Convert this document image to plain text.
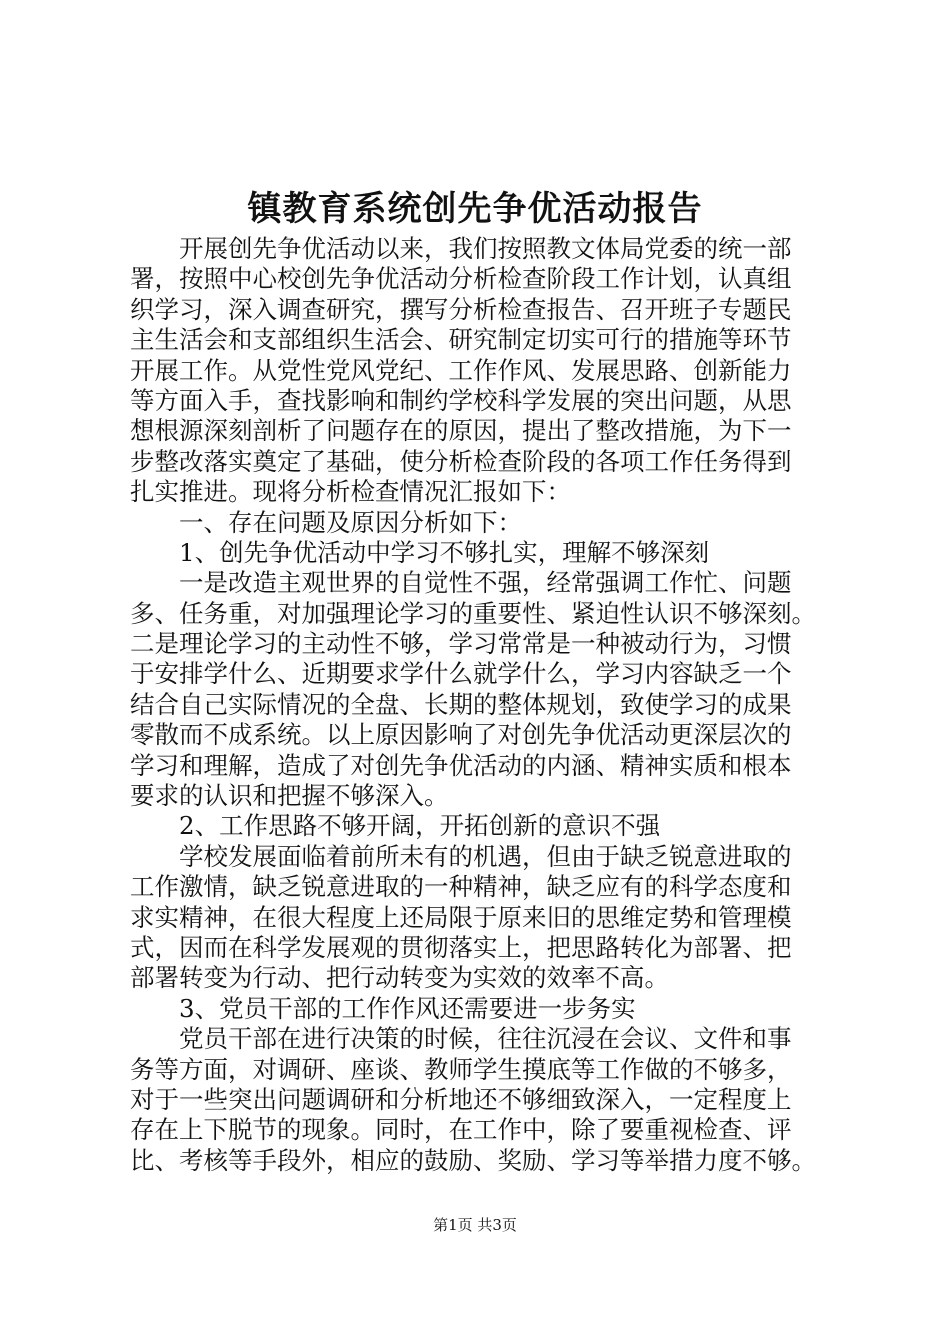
镇教育系统创先争优活动报告
　　开展创先争优活动以来，我们按照教文体局党委的统一部
署，按照中心校创先争优活动分析检查阶段工作计划，认真组
织学习，深入调查研究，撰写分析检查报告、召开班子专题民
主生活会和支部组织生活会、研究制定切实可行的措施等环节
开展工作。从党性党风党纪、工作作风、发展思路、创新能力
等方面入手，查找影响和制约学校科学发展的突出问题，从思
想根源深刻剖析了问题存在的原因，提出了整改措施，为下一
步整改落实奠定了基础，使分析检查阶段的各项工作任务得到
扎实推进。现将分析检查情况汇报如下：
　　一、存在问题及原因分析如下：
　　1、创先争优活动中学习不够扎实，理解不够深刻
　　一是改造主观世界的自觉性不强，经常强调工作忙、问题
多、任务重，对加强理论学习的重要性、紧迫性认识不够深刻。
二是理论学习的主动性不够，学习常常是一种被动行为，习惯
于安排学什么、近期要求学什么就学什么，学习内容缺乏一个
结合自己实际情况的全盘、长期的整体规划，致使学习的成果
零散而不成系统。以上原因影响了对创先争优活动更深层次的
学习和理解，造成了对创先争优活动的内涵、精神实质和根本
要求的认识和把握不够深入。
　　2、工作思路不够开阔，开拓创新的意识不强
　　学校发展面临着前所未有的机遇，但由于缺乏锐意进取的
工作激情，缺乏锐意进取的一种精神，缺乏应有的科学态度和
求实精神，在很大程度上还局限于原来旧的思维定势和管理模
式，因而在科学发展观的贯彻落实上，把思路转化为部署、把
部署转变为行动、把行动转变为实效的效率不高。
　　3、党员干部的工作作风还需要进一步务实
　　党员干部在进行决策的时候，往往沉浸在会议、文件和事
务等方面，对调研、座谈、教师学生摸底等工作做的不够多，
对于一些突出问题调研和分析地还不够细致深入，一定程度上
存在上下脱节的现象。同时，在工作中，除了要重视检查、评
比、考核等手段外，相应的鼓励、奖励、学习等举措力度不够。
第1页 共3页
